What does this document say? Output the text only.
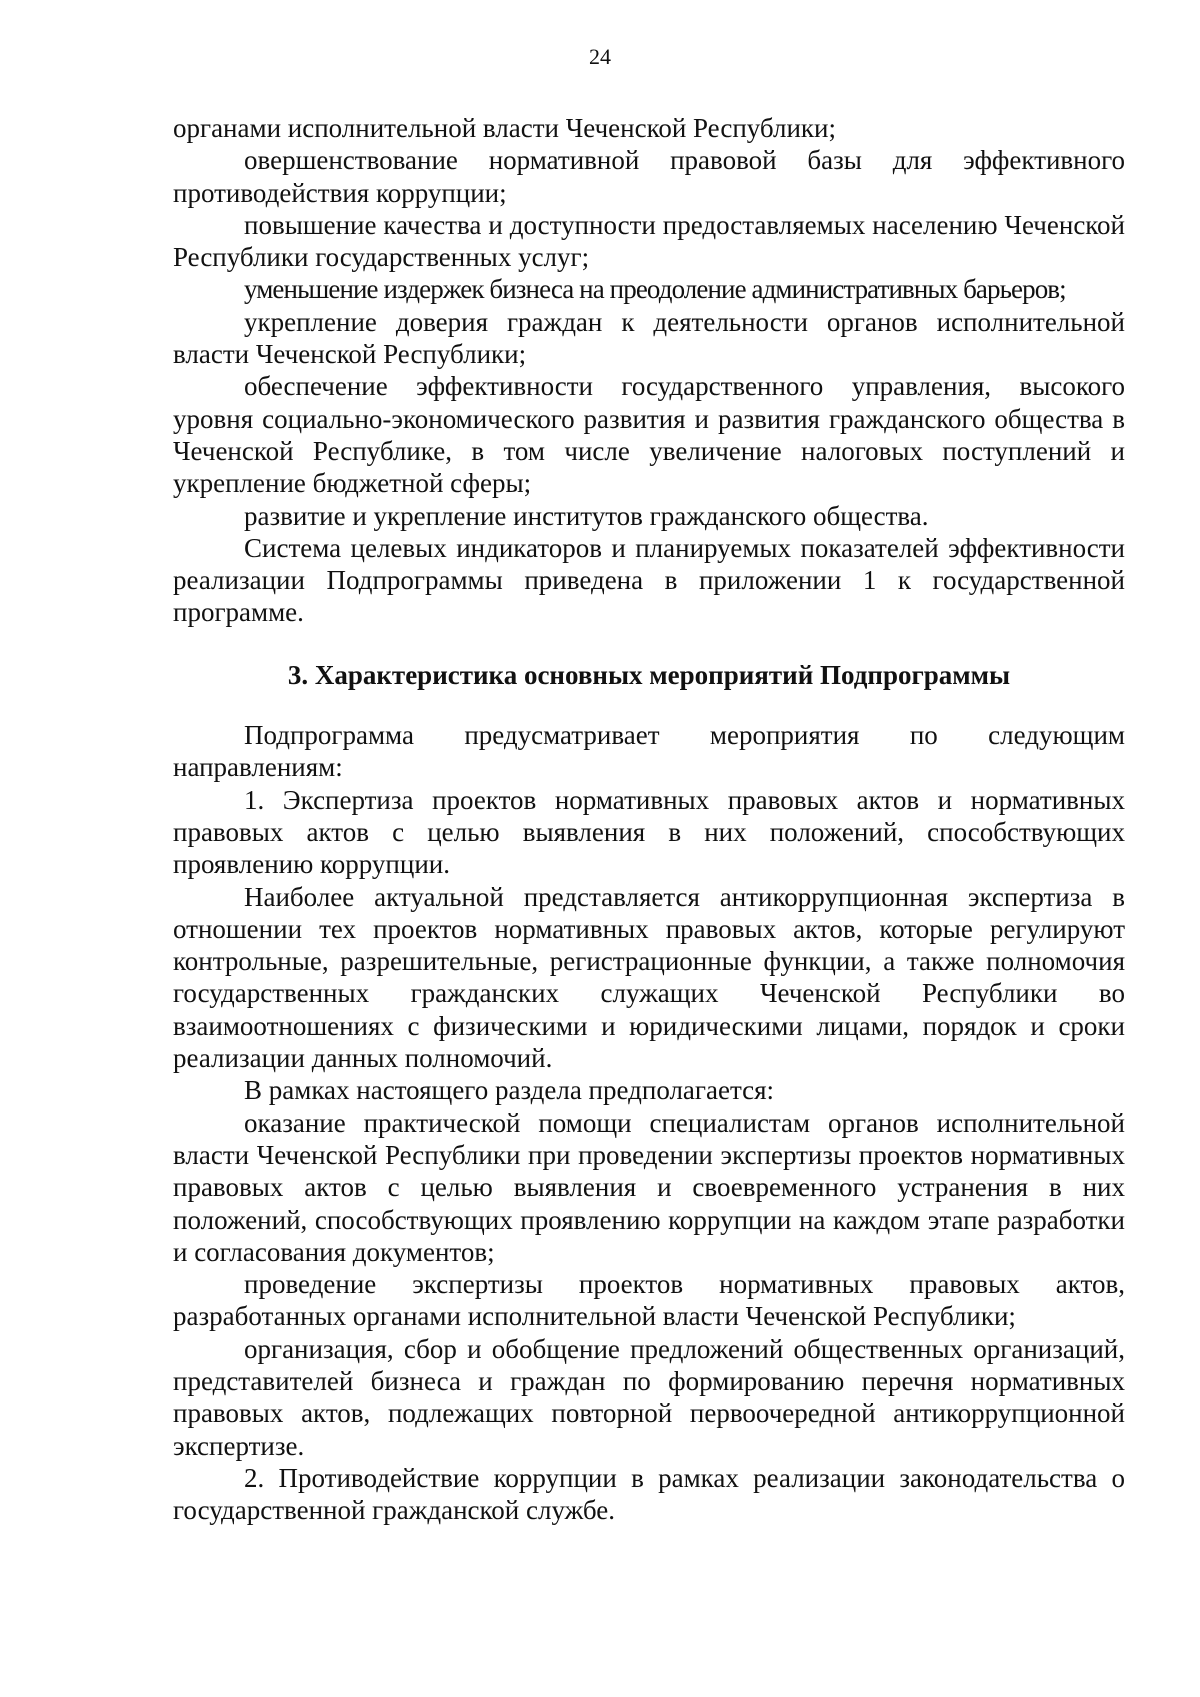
24

органами исполнительной власти Чеченской Республики;

овершенствование нормативной правовой базы для эффективного противодействия коррупции;

повышение качества и доступности предоставляемых населению Чеченской Республики государственных услуг;

уменьшение издержек бизнеса на преодоление административных барьеров;

укрепление доверия граждан к деятельности органов исполнительной власти Чеченской Республики;

обеспечение эффективности государственного управления, высокого уровня социально-экономического развития и развития гражданского общества в Чеченской Республике, в том числе увеличение налоговых поступлений и укрепление бюджетной сферы;

развитие и укрепление институтов гражданского общества.

Система целевых индикаторов и планируемых показателей эффективности реализации Подпрограммы приведена в приложении 1 к государственной программе.

3. Характеристика основных мероприятий Подпрограммы

Подпрограмма предусматривает мероприятия по следующим направлениям:

1. Экспертиза проектов нормативных правовых актов и нормативных правовых актов с целью выявления в них положений, способствующих проявлению коррупции.

Наиболее актуальной представляется антикоррупционная экспертиза в отношении тех проектов нормативных правовых актов, которые регулируют контрольные, разрешительные, регистрационные функции, а также полномочия государственных гражданских служащих Чеченской Республики во взаимоотношениях с физическими и юридическими лицами, порядок и сроки реализации данных полномочий.

В рамках настоящего раздела предполагается:

оказание практической помощи специалистам органов исполнительной власти Чеченской Республики при проведении экспертизы проектов нормативных правовых актов с целью выявления и своевременного устранения в них положений, способствующих проявлению коррупции на каждом этапе разработки и согласования документов;

проведение экспертизы проектов нормативных правовых актов, разработанных органами исполнительной власти Чеченской Республики;

организация, сбор и обобщение предложений общественных организаций, представителей бизнеса и граждан по формированию перечня нормативных правовых актов, подлежащих повторной первоочередной антикоррупционной экспертизе.

2. Противодействие коррупции в рамках реализации законодательства о государственной гражданской службе.
